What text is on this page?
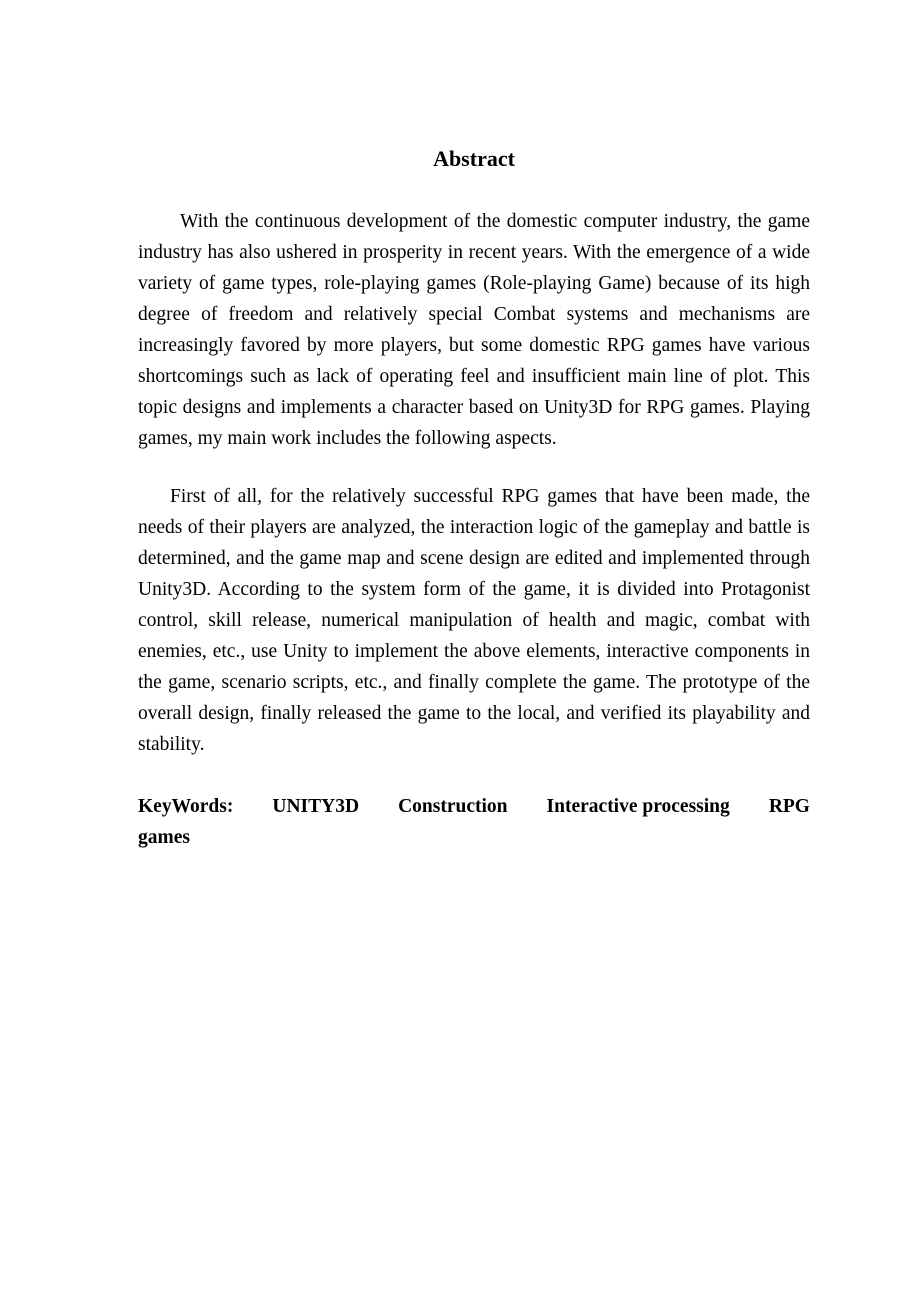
Abstract

With the continuous development of the domestic computer industry, the game industry has also ushered in prosperity in recent years. With the emergence of a wide variety of game types, role-playing games (Role-playing Game) because of its high degree of freedom and relatively special Combat systems and mechanisms are increasingly favored by more players, but some domestic RPG games have various shortcomings such as lack of operating feel and insufficient main line of plot. This topic designs and implements a character based on Unity3D for RPG games. Playing games, my main work includes the following aspects.

First of all, for the relatively successful RPG games that have been made, the needs of their players are analyzed, the interaction logic of the gameplay and battle is determined, and the game map and scene design are edited and implemented through Unity3D. According to the system form of the game, it is divided into Protagonist control, skill release, numerical manipulation of health and magic, combat with enemies, etc., use Unity to implement the above elements, interactive components in the game, scenario scripts, etc., and finally complete the game. The prototype of the overall design, finally released the game to the local, and verified its playability and stability.

KeyWords: UNITY3D Construction Interactive processing RPG
games
